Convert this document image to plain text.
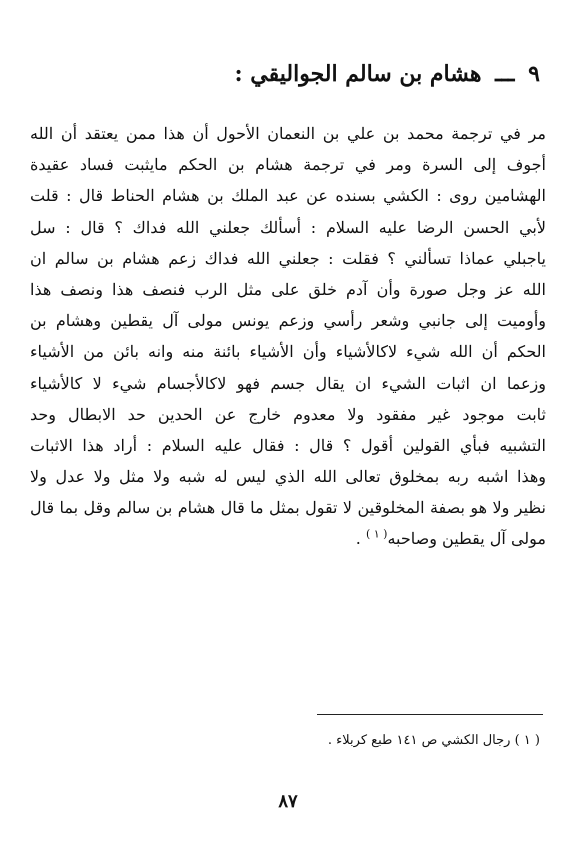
٩ ـــ هشام بن سالم الجواليقي :
مر في ترجمة محمد بن علي بن النعمان الأحول أن هذا ممن يعتقد أن الله
أجوف إلى السرة ومر في ترجمة هشام بن الحكم مايثبت فساد عقيدة
الهشامين روى : الكشي بسنده عن عبد الملك بن هشام الحناط قال : قلت
لأبي الحسن الرضا عليه السلام : أسألك جعلني الله فداك ؟ قال : سل
ياجبلي عماذا تسألني ؟ فقلت : جعلني الله فداك زعم هشام بن سالم ان
الله عز وجل صورة وأن آدم خلق على مثل الرب فنصف هذا ونصف هذا
وأوميت إلى جانبي وشعر رأسي وزعم يونس مولى آل يقطين وهشام بن
الحكم أن الله شيء لاكالأشياء وأن الأشياء بائنة منه وانه بائن من الأشياء
وزعما ان اثبات الشيء ان يقال جسم فهو لاكالأجسام شيء لا كالأشياء
ثابت موجود غير مفقود ولا معدوم خارج عن الحدين حد الابطال وحد
التشبيه فبأي القولين أقول ؟ قال : فقال عليه السلام : أراد هذا الاثبات
وهذا اشبه ربه بمخلوق تعالى الله الذي ليس له شبه ولا مثل ولا عدل ولا
نظير ولا هو بصفة المخلوقين لا تقول بمثل ما قال هشام بن سالم وقل بما قال
مولى آل يقطين وصاحبه$^{( ١ )}$ .
( ١ ) رجال الكشي ص ١٤١ طبع كربلاء .
٨٧
